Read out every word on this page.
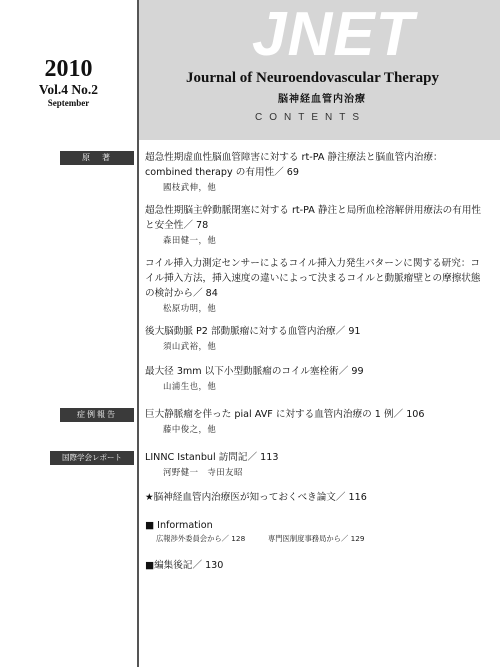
2010
Vol.4 No.2
September
JNET
Journal of Neuroendovascular Therapy
脳神経血管内治療
CONTENTS
原　著
症例報告
国際学会レポート
超急性期虚血性脳血管障害に対する rt-PA 静注療法と脳血管内治療：combined therapy の有用性／ 69
國枝武伸，他
超急性期脳主幹動脈閉塞に対する rt-PA 静注と局所血栓溶解併用療法の有用性と安全性／ 78
森田健一，他
コイル挿入力測定センサーによるコイル挿入力発生パターンに関する研究：コイル挿入方法，挿入速度の違いによって決まるコイルと動脈瘤壁との摩擦状態の検討から／ 84
松原功明，他
後大脳動脈 P2 部動脈瘤に対する血管内治療／ 91
須山武裕，他
最大径 3mm 以下小型動脈瘤のコイル塞栓術／ 99
山浦生也，他
巨大静脈瘤を伴った pial AVF に対する血管内治療の 1 例／ 106
藤中俊之，他
LINNC Istanbul 訪問記／ 113
河野健一　寺田友昭
★脳神経血管内治療医が知っておくべき論文／ 116
■ Information
広報渉外委員会から／ 128	専門医制度事務局から／ 129
■編集後記／ 130
